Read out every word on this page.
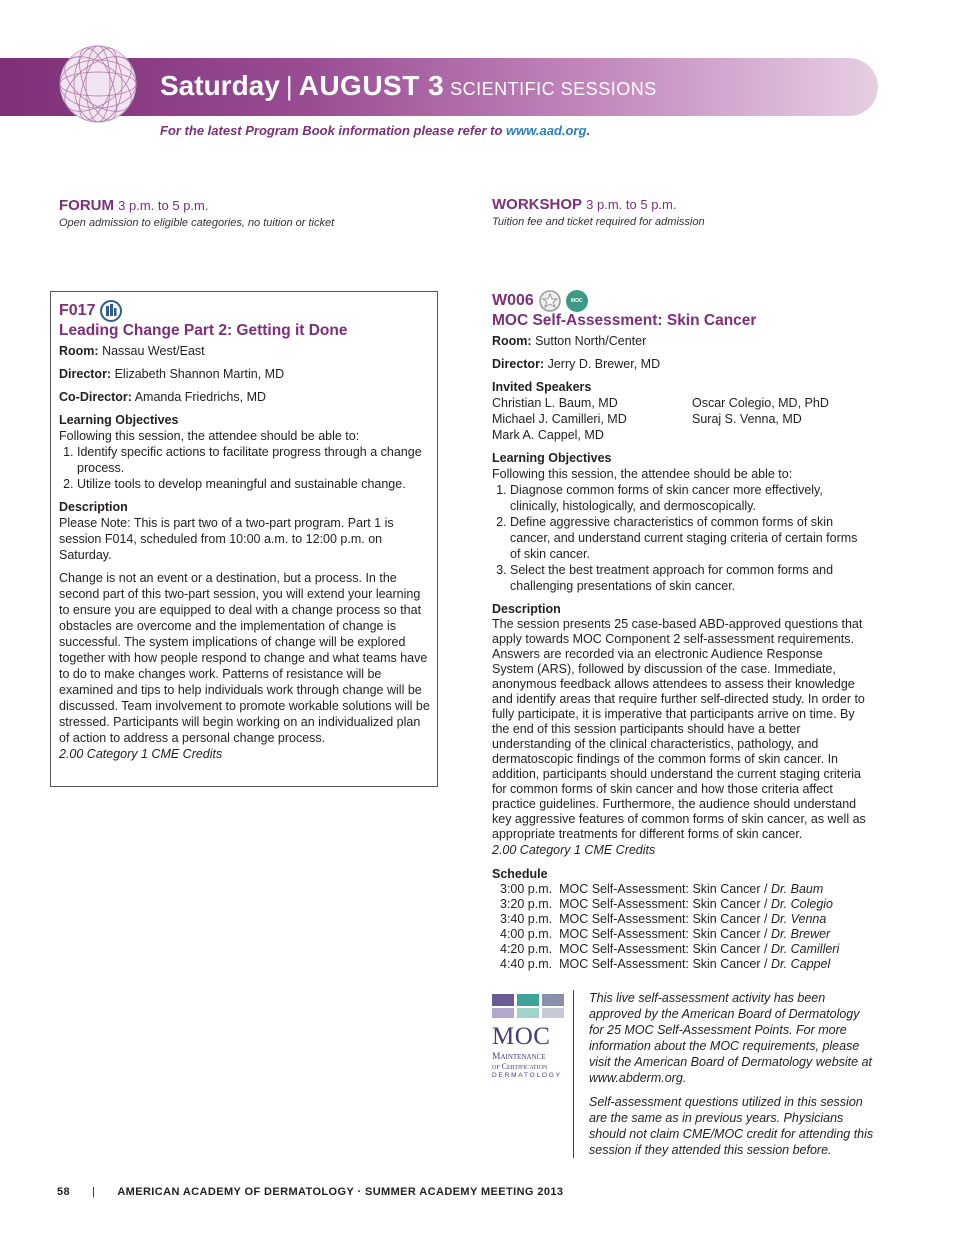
Saturday | AUGUST 3 SCIENTIFIC SESSIONS
For the latest Program Book information please refer to www.aad.org.
FORUM 3 p.m. to 5 p.m.
Open admission to eligible categories, no tuition or ticket
WORKSHOP 3 p.m. to 5 p.m.
Tuition fee and ticket required for admission
F017
Leading Change Part 2: Getting it Done
Room: Nassau West/East
Director: Elizabeth Shannon Martin, MD
Co-Director: Amanda Friedrichs, MD
Learning Objectives
Following this session, the attendee should be able to:
1. Identify specific actions to facilitate progress through a change process.
2. Utilize tools to develop meaningful and sustainable change.
Description

Please Note: This is part two of a two-part program. Part 1 is session F014, scheduled from 10:00 a.m. to 12:00 p.m. on Saturday.

Change is not an event or a destination, but a process. In the second part of this two-part session, you will extend your learning to ensure you are equipped to deal with a change process so that obstacles are overcome and the implementation of change is successful. The system implications of change will be explored together with how people respond to change and what teams have to do to make changes work. Patterns of resistance will be examined and tips to help individuals work through change will be discussed. Team involvement to promote workable solutions will be stressed. Participants will begin working on an individualized plan of action to address a personal change process.

2.00 Category 1 CME Credits
W006	MOC
MOC Self-Assessment: Skin Cancer
Room: Sutton North/Center
Director: Jerry D. Brewer, MD
Invited Speakers
Christian L. Baum, MD	Oscar Colegio, MD, PhD
Michael J. Camilleri, MD	Suraj S. Venna, MD
Mark A. Cappel, MD
Learning Objectives
Following this session, the attendee should be able to:
1. Diagnose common forms of skin cancer more effectively, clinically, histologically, and dermoscopically.
2. Define aggressive characteristics of common forms of skin cancer, and understand current staging criteria of certain forms of skin cancer.
3. Select the best treatment approach for common forms and challenging presentations of skin cancer.
Description
The session presents 25 case-based ABD-approved questions that apply towards MOC Component 2 self-assessment requirements. Answers are recorded via an electronic Audience Response System (ARS), followed by discussion of the case. Immediate, anonymous feedback allows attendees to assess their knowledge and identify areas that require further self-directed study. In order to fully participate, it is imperative that participants arrive on time. By the end of this session participants should have a better understanding of the clinical characteristics, pathology, and dermatoscopic findings of the common forms of skin cancer. In addition, participants should understand the current staging criteria for common forms of skin cancer and how those criteria affect practice guidelines. Furthermore, the audience should understand key aggressive features of common forms of skin cancer, as well as appropriate treatments for different forms of skin cancer.
2.00 Category 1 CME Credits
Schedule
3:00 p.m. MOC Self-Assessment: Skin Cancer / Dr. Baum
3:20 p.m. MOC Self-Assessment: Skin Cancer / Dr. Colegio
3:40 p.m. MOC Self-Assessment: Skin Cancer / Dr. Venna
4:00 p.m. MOC Self-Assessment: Skin Cancer / Dr. Brewer
4:20 p.m. MOC Self-Assessment: Skin Cancer / Dr. Camilleri
4:40 p.m. MOC Self-Assessment: Skin Cancer / Dr. Cappel
MOC
Maintenance
of Certification
DERMATOLOGY

This live self-assessment activity has been approved by the American Board of Dermatology for 25 MOC Self-Assessment Points. For more information about the MOC requirements, please visit the American Board of Dermatology website at www.abderm.org.

Self-assessment questions utilized in this session are the same as in previous years. Physicians should not claim CME/MOC credit for attending this session if they attended this session before.

58 | AMERICAN ACADEMY OF DERMATOLOGY · SUMMER ACADEMY MEETING 2013
